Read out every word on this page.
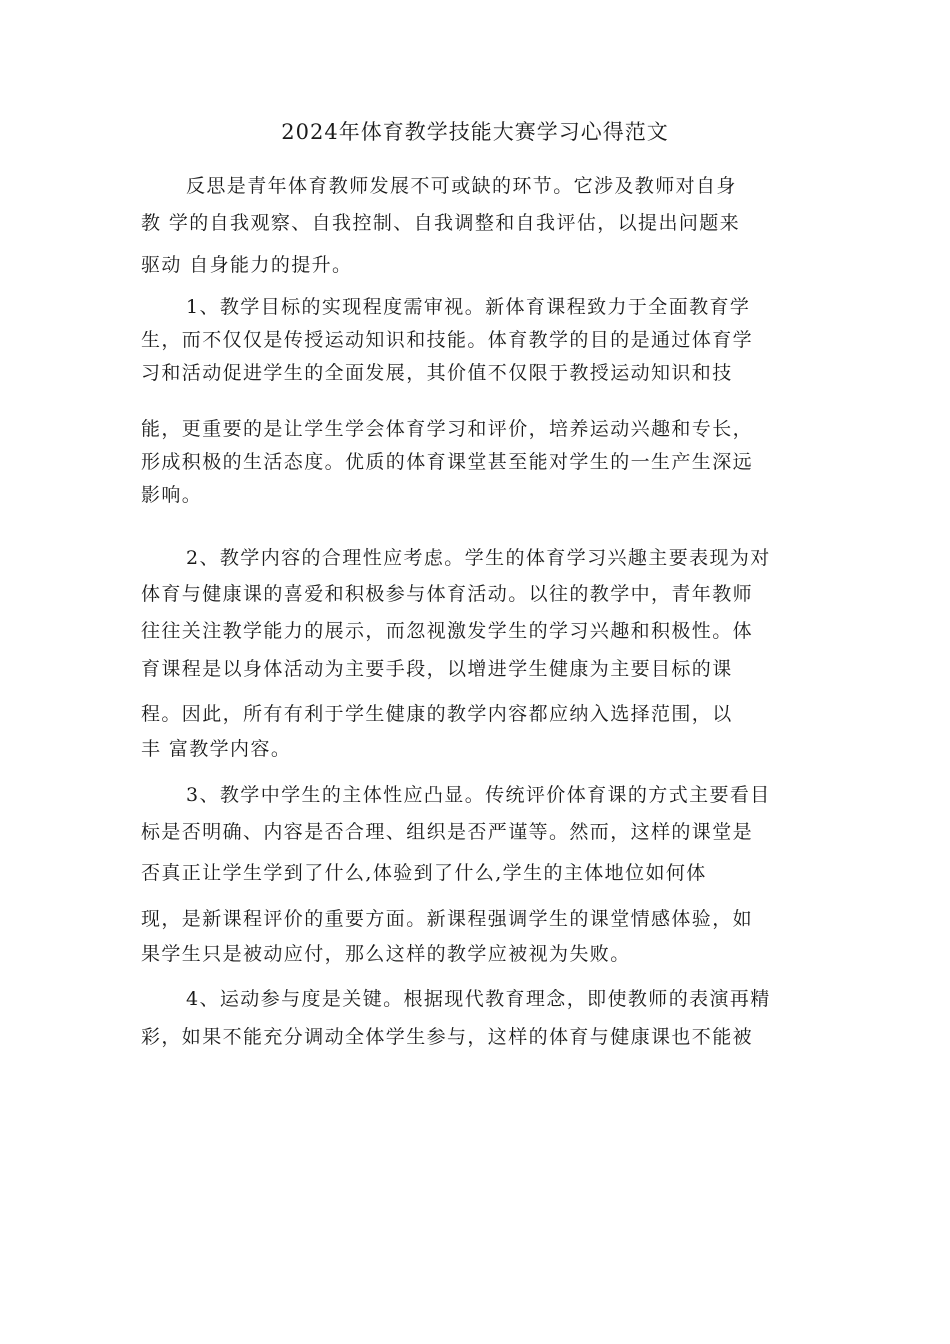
2024年体育教学技能大赛学习心得范文
反思是青年体育教师发展不可或缺的环节。它涉及教师对自身
教 学的自我观察、自我控制、自我调整和自我评估，以提出问题来
驱动 自身能力的提升。
1、教学目标的实现程度需审视。新体育课程致力于全面教育学
生，而不仅仅是传授运动知识和技能。体育教学的目的是通过体育学
习和活动促进学生的全面发展，其价值不仅限于教授运动知识和技
能，更重要的是让学生学会体育学习和评价，培养运动兴趣和专长，
形成积极的生活态度。优质的体育课堂甚至能对学生的一生产生深远
影响。
2、教学内容的合理性应考虑。学生的体育学习兴趣主要表现为对
体育与健康课的喜爱和积极参与体育活动。以往的教学中，青年教师
往往关注教学能力的展示，而忽视激发学生的学习兴趣和积极性。体
育课程是以身体活动为主要手段，以增进学生健康为主要目标的课
程。因此，所有有利于学生健康的教学内容都应纳入选择范围，以
丰 富教学内容。
3、教学中学生的主体性应凸显。传统评价体育课的方式主要看目
标是否明确、内容是否合理、组织是否严谨等。然而，这样的课堂是
否真正让学生学到了什么,体验到了什么,学生的主体地位如何体
现，是新课程评价的重要方面。新课程强调学生的课堂情感体验，如
果学生只是被动应付，那么这样的教学应被视为失败。
4、运动参与度是关键。根据现代教育理念，即使教师的表演再精
彩，如果不能充分调动全体学生参与，这样的体育与健康课也不能被
